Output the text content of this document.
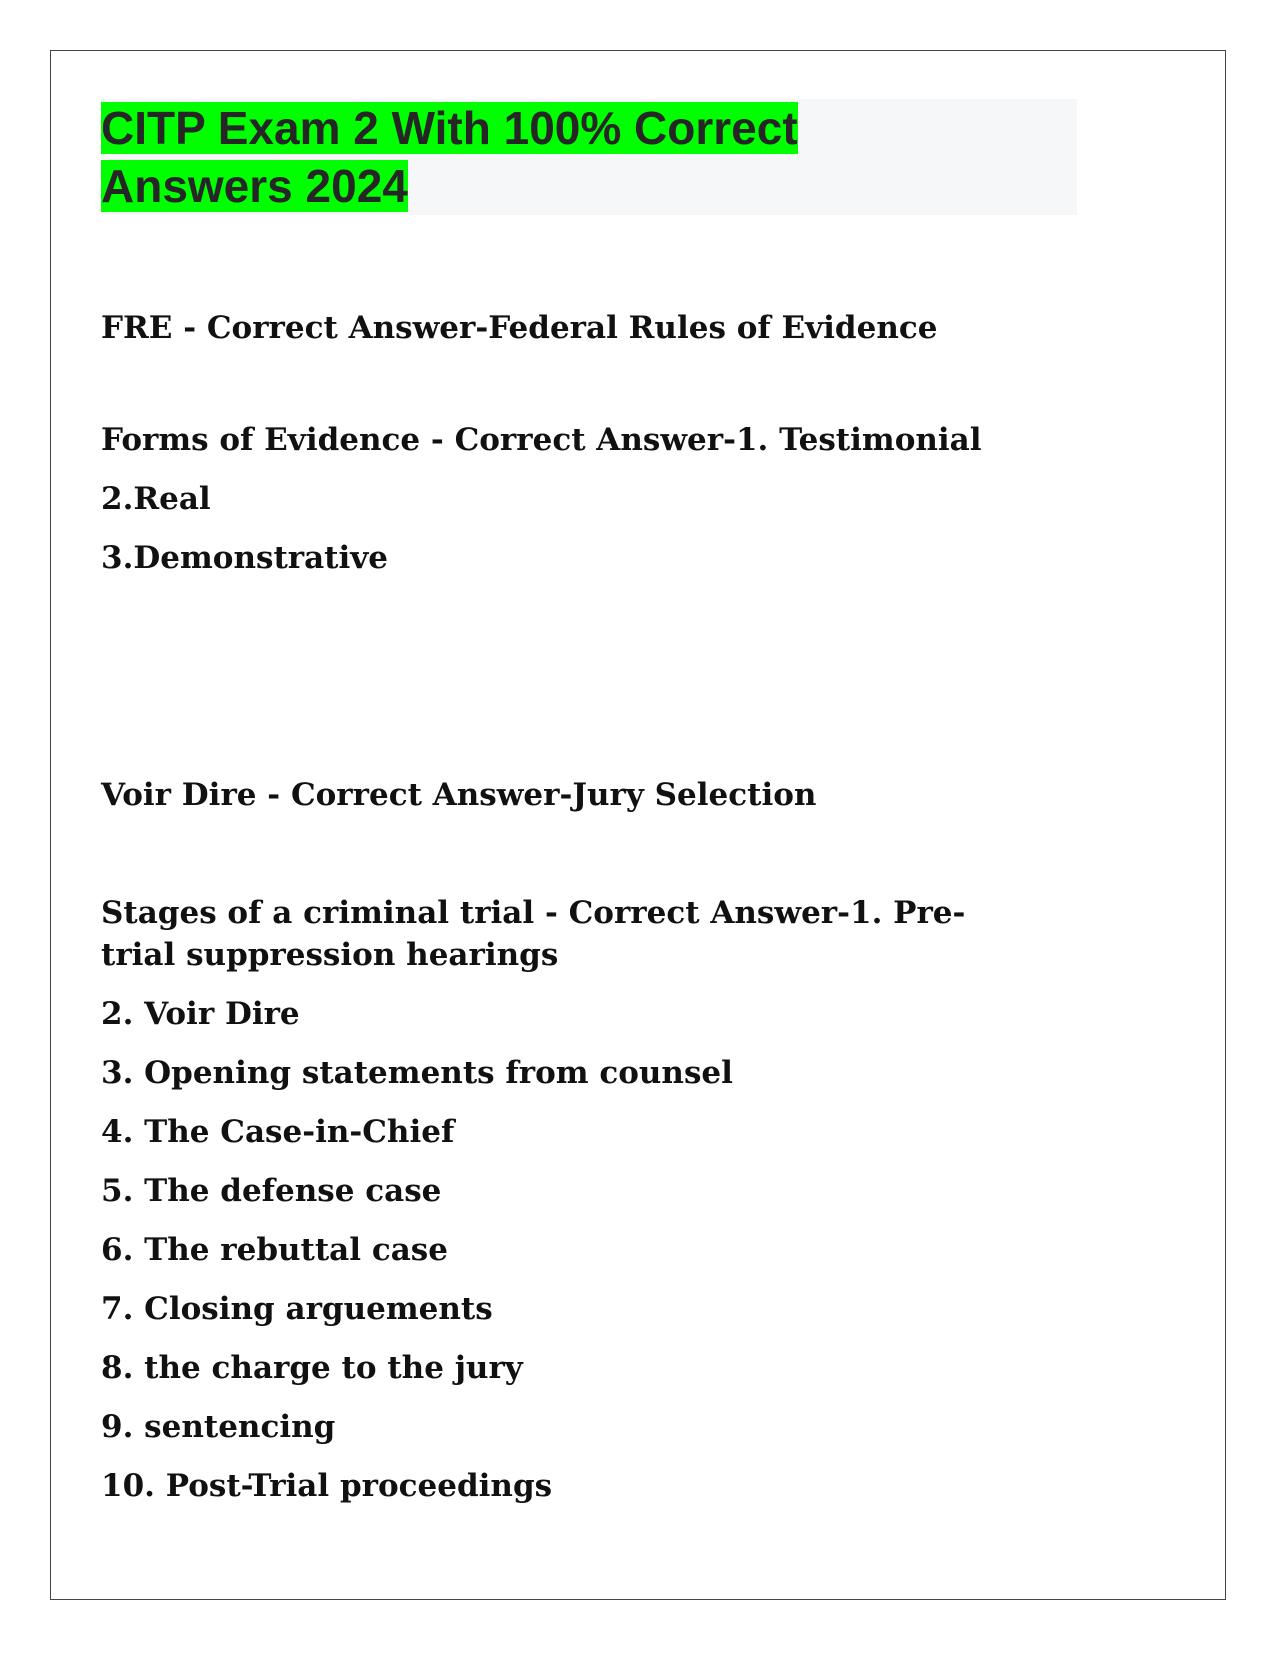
CITP Exam 2 With 100% Correct
Answers 2024
FRE - Correct Answer-Federal Rules of Evidence
Forms of Evidence - Correct Answer-1. Testimonial
2.Real
3.Demonstrative
Voir Dire - Correct Answer-Jury Selection
Stages of a criminal trial - Correct Answer-1. Pre-
trial suppression hearings
2. Voir Dire
3. Opening statements from counsel
4. The Case-in-Chief
5. The defense case
6. The rebuttal case
7. Closing arguements
8. the charge to the jury
9. sentencing
10. Post-Trial proceedings
